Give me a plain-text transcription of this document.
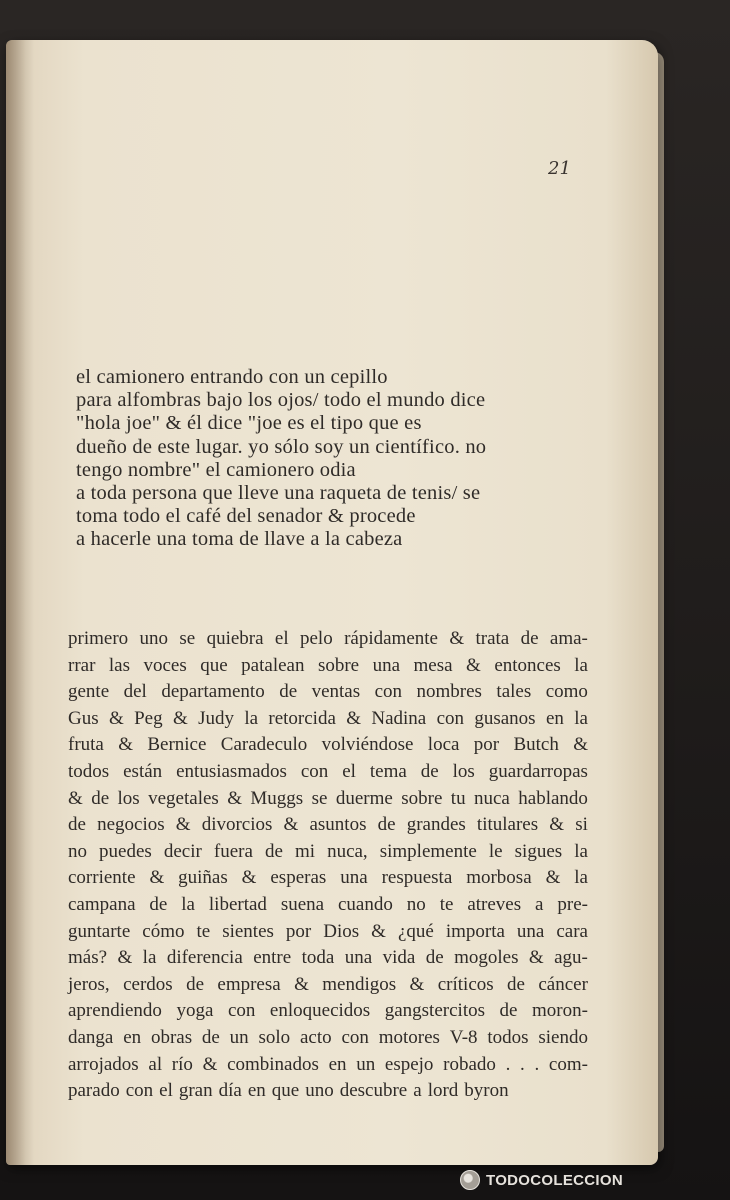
21
el camionero entrando con un cepillo
para alfombras bajo los ojos/ todo el mundo dice
"hola joe" & él dice "joe es el tipo que es
dueño de este lugar. yo sólo soy un científico. no
tengo nombre" el camionero odia
a toda persona que lleve una raqueta de tenis/ se
toma todo el café del senador & procede
a hacerle una toma de llave a la cabeza
primero uno se quiebra el pelo rápidamente & trata de ama-
rrar las voces que patalean sobre una mesa & entonces la
gente del departamento de ventas con nombres tales como
Gus & Peg & Judy la retorcida & Nadina con gusanos en la
fruta & Bernice Caradeculo volviéndose loca por Butch &
todos están entusiasmados con el tema de los guardarropas
& de los vegetales & Muggs se duerme sobre tu nuca hablando
de negocios & divorcios & asuntos de grandes titulares & si
no puedes decir fuera de mi nuca, simplemente le sigues la
corriente & guiñas & esperas una respuesta morbosa & la
campana de la libertad suena cuando no te atreves a pre-
guntarte cómo te sientes por Dios & ¿qué importa una cara
más? & la diferencia entre toda una vida de mogoles & agu-
jeros, cerdos de empresa & mendigos & críticos de cáncer
aprendiendo yoga con enloquecidos gangstercitos de moron-
danga en obras de un solo acto con motores V-8 todos siendo
arrojados al río & combinados en un espejo robado . . . com-
parado con el gran día en que uno descubre a lord byron
TODOCOLECCION
